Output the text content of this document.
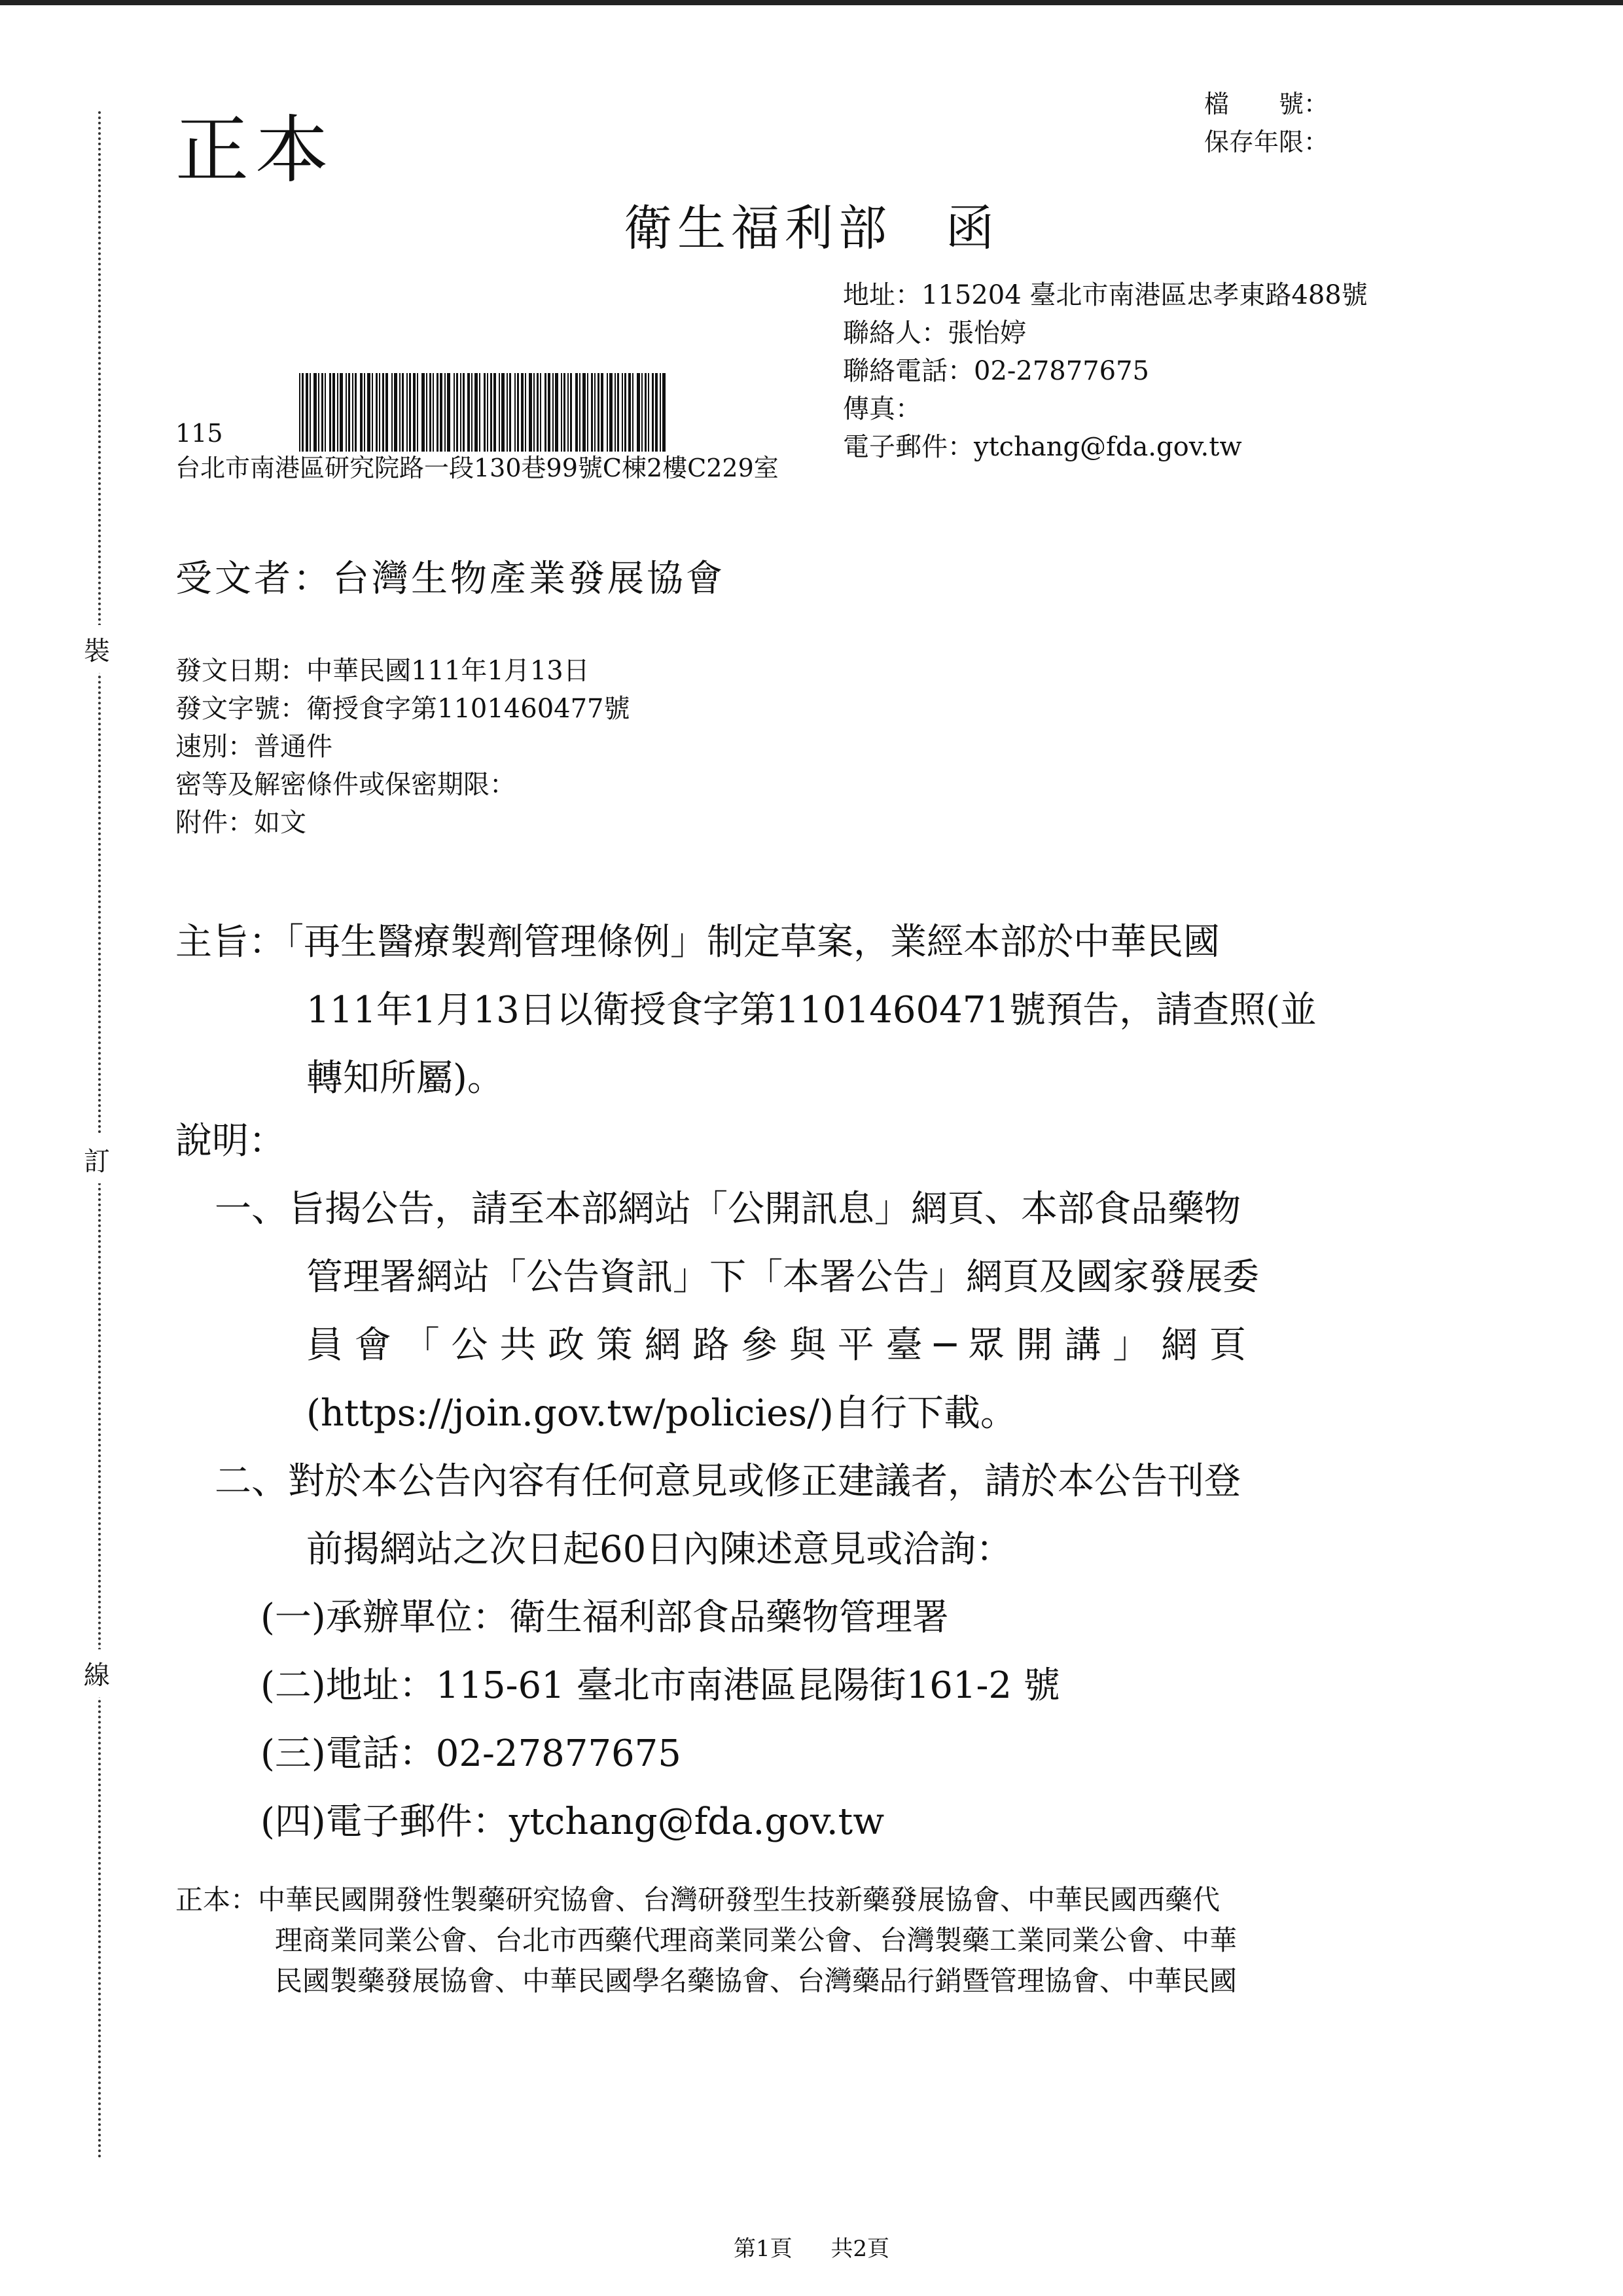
裝
訂
線
正本
檔　　號：
保存年限：
衛生福利部　函
地址：115204 臺北市南港區忠孝東路488號
聯絡人：張怡婷
聯絡電話：02-27877675
傳真：
電子郵件：ytchang@fda.gov.tw
115
台北市南港區研究院路一段130巷99號C棟2樓C229室
受文者：台灣生物產業發展協會
發文日期：中華民國111年1月13日
發文字號：衛授食字第1101460477號
速別：普通件
密等及解密條件或保密期限：
附件：如文
主旨：「再生醫療製劑管理條例」制定草案，業經本部於中華民國
111年1月13日以衛授食字第1101460471號預告，請查照(並
轉知所屬)。
說明：
一、旨揭公告，請至本部網站「公開訊息」網頁、本部食品藥物
管理署網站「公告資訊」下「本署公告」網頁及國家發展委
員 會 「 公 共 政 策 網 路 參 與 平 臺 ─ 眾 開 講 」 網 頁
(https://join.gov.tw/policies/)自行下載。
二、對於本公告內容有任何意見或修正建議者，請於本公告刊登
前揭網站之次日起60日內陳述意見或洽詢：
(一)承辦單位：衛生福利部食品藥物管理署
(二)地址：115-61 臺北市南港區昆陽街161-2 號
(三)電話：02-27877675
(四)電子郵件：ytchang@fda.gov.tw
正本：中華民國開發性製藥研究協會、台灣研發型生技新藥發展協會、中華民國西藥代
理商業同業公會、台北市西藥代理商業同業公會、台灣製藥工業同業公會、中華
民國製藥發展協會、中華民國學名藥協會、台灣藥品行銷暨管理協會、中華民國
第1頁 共2頁
